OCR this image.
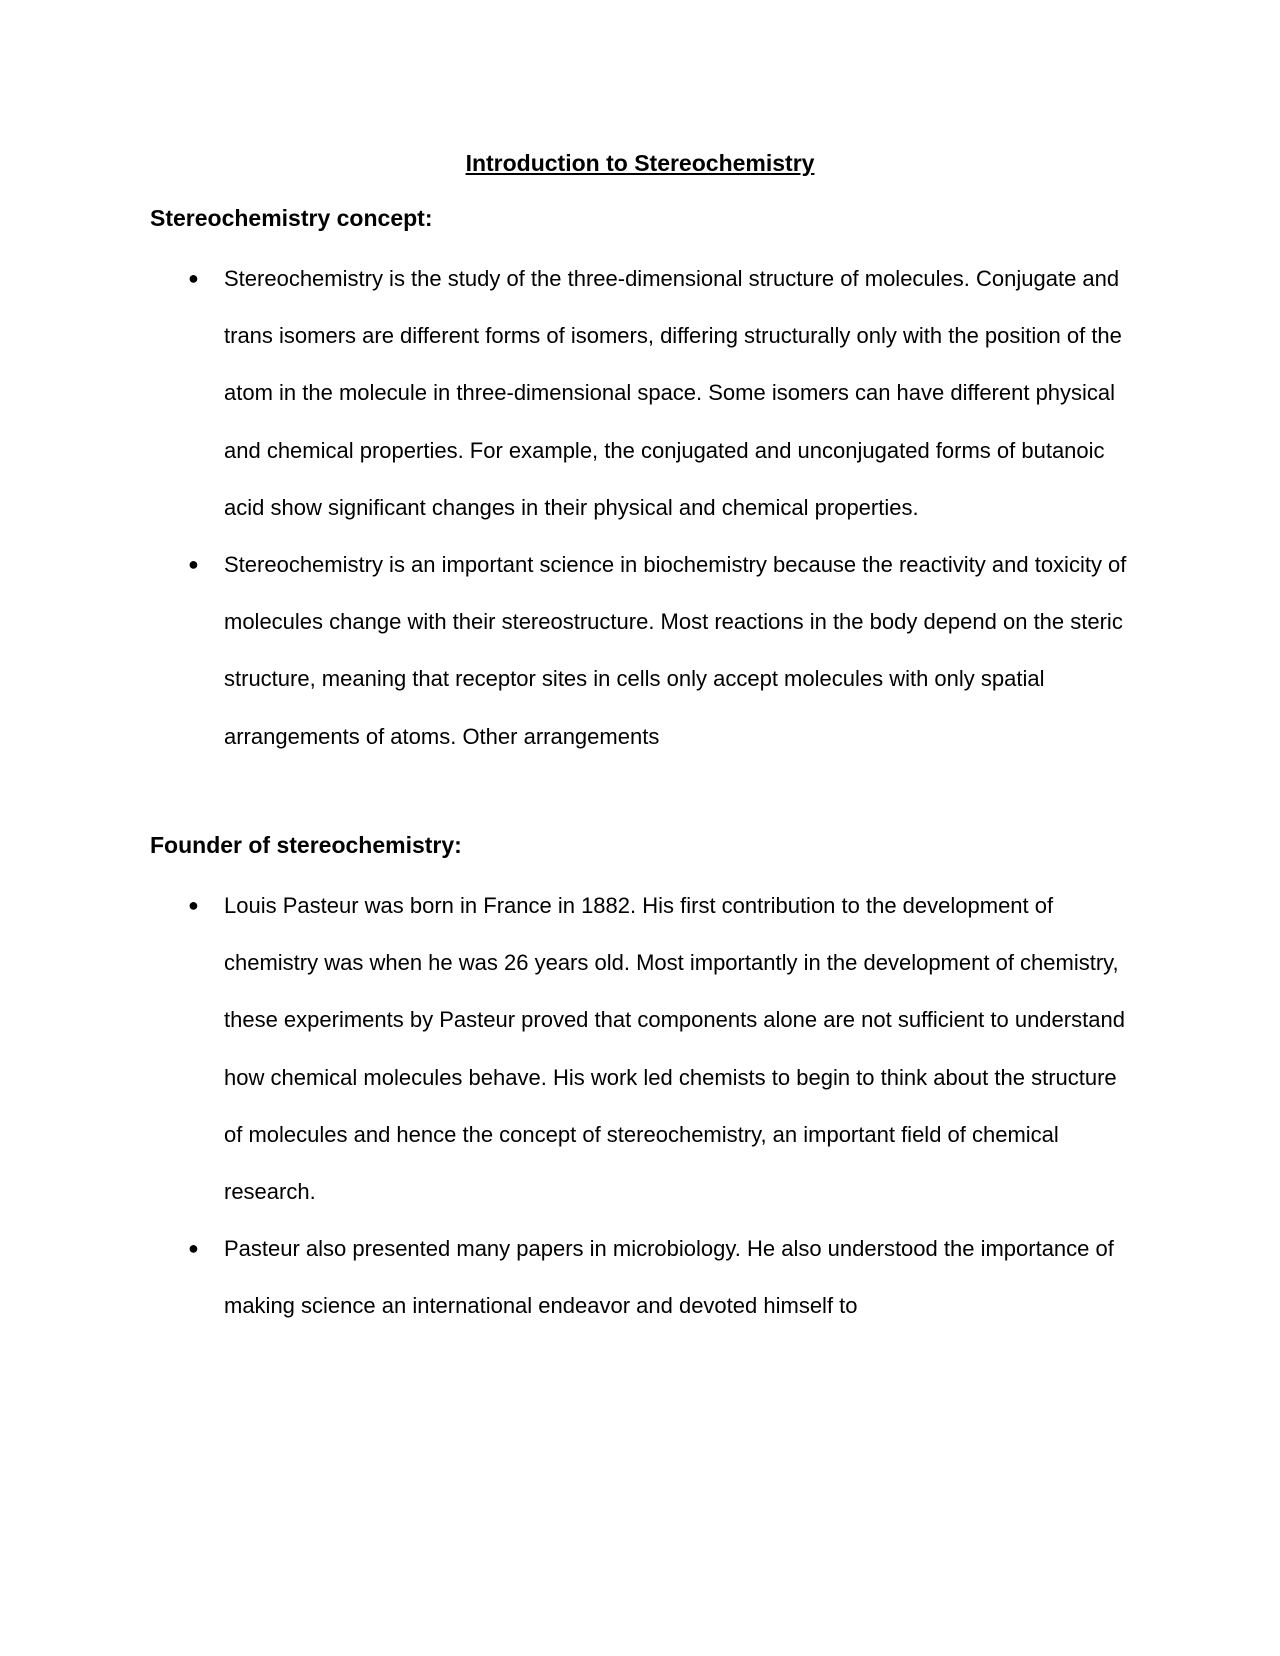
Introduction to Stereochemistry
Stereochemistry concept:
● Stereochemistry is the study of the three-dimensional structure of molecules. Conjugate and trans isomers are different forms of isomers, differing structurally only with the position of the atom in the molecule in three-dimensional space. Some isomers can have different physical and chemical properties. For example, the conjugated and unconjugated forms of butanoic acid show significant changes in their physical and chemical properties.
● Stereochemistry is an important science in biochemistry because the reactivity and toxicity of molecules change with their stereostructure. Most reactions in the body depend on the steric structure, meaning that receptor sites in cells only accept molecules with only spatial arrangements of atoms. Other arrangements
Founder of stereochemistry:
● Louis Pasteur was born in France in 1882. His first contribution to the development of chemistry was when he was 26 years old. Most importantly in the development of chemistry, these experiments by Pasteur proved that components alone are not sufficient to understand how chemical molecules behave. His work led chemists to begin to think about the structure of molecules and hence the concept of stereochemistry, an important field of chemical research.
● Pasteur also presented many papers in microbiology. He also understood the importance of making science an international endeavor and devoted himself to
